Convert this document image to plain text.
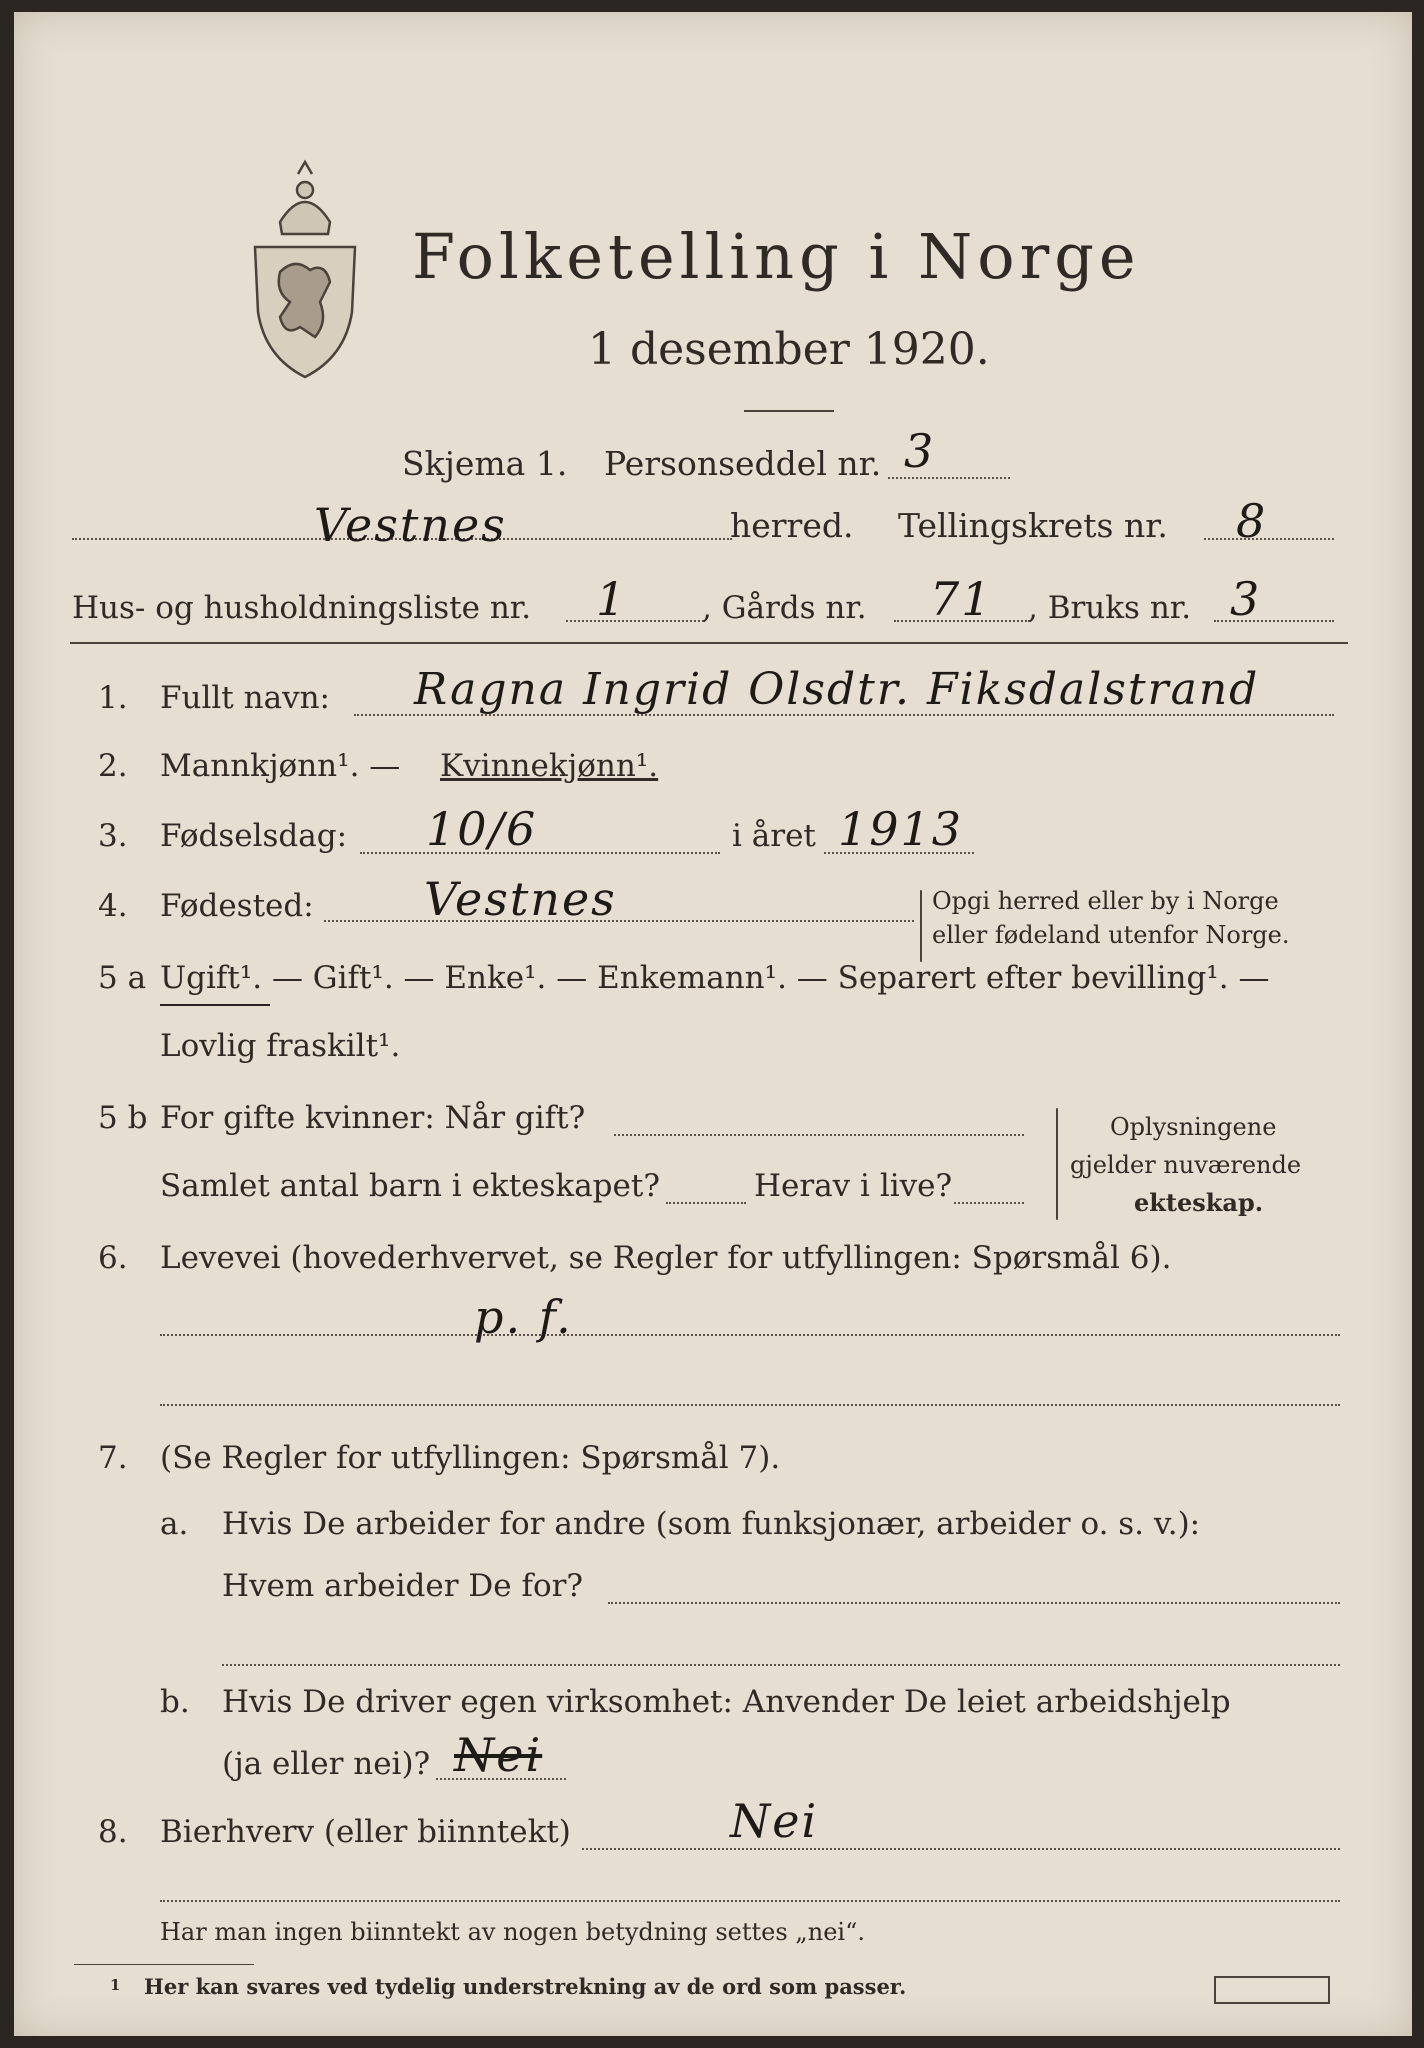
Folketelling i Norge
1 desember 1920.
Skjema 1. Personseddel nr. 3
Vestnes	herred. Tellingskrets nr. 8
Hus- og husholdningsliste nr. 1 , Gårds nr. 71 , Bruks nr. 3
1. Fullt navn: Ragna Ingrid Olsdtr. Fiksdalstrand
2. Mannkjønn¹. — Kvinnekjønn¹.
3. Fødselsdag: 10/6	i året 1913
4. Fødested: Vestnes	Opgi herred eller by i Norge
eller fødeland utenfor Norge.
5 a Ugift¹. — Gift¹. — Enke¹. — Enkemann¹. — Separert efter bevilling¹. —
Lovlig fraskilt¹.
5 b For gifte kvinner: Når gift?
Samlet antal barn i ekteskapet?	Herav i live?
Oplysningene
gjelder nuværende
ekteskap.
6. Levevei (hovederhvervet, se Regler for utfyllingen: Spørsmål 6).
p. f.
7. (Se Regler for utfyllingen: Spørsmål 7).
a. Hvis De arbeider for andre (som funksjonær, arbeider o. s. v.):
Hvem arbeider De for?
b. Hvis De driver egen virksomhet: Anvender De leiet arbeidshjelp
(ja eller nei)? Nei
8. Bierhverv (eller biinntekt)	Nei
Har man ingen biinntekt av nogen betydning settes „nei“.
1 Her kan svares ved tydelig understrekning av de ord som passer.
